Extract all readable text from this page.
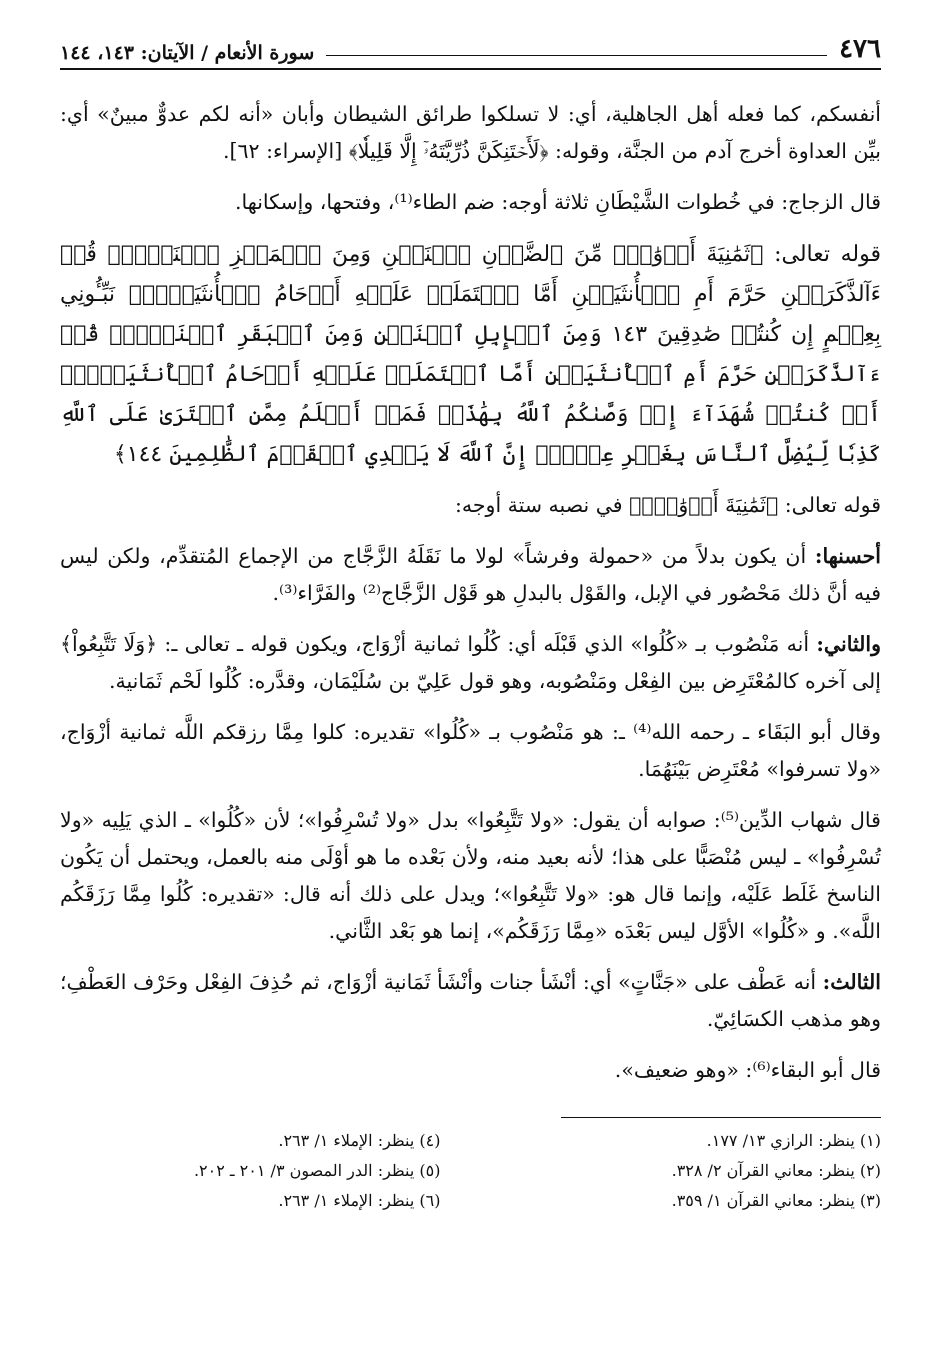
٤٧٦
سورة الأنعام / الآيتان: ١٤٣، ١٤٤

أنفسكم، كما فعله أهل الجاهلية، أي: لا تسلكوا طرائق الشيطان وأبان «أنه لكم عدوٌّ مبينٌ» أي: بيِّن العداوة أخرج آدم من الجنَّة، وقوله: ﴿لَأَحۡتَنِكَنَّ ذُرِّيَّتَهُۥٓ إِلَّا قَلِيلٗا﴾ [الإسراء: ٦٢].

قال الزجاج: في خُطوات الشَّيْطَانِ ثلاثة أوجه: ضم الطاء⁽¹⁾، وفتحها، وإسكانها.

قوله تعالى: ﴿ثَمَٰنِيَةَ أَزۡوَٰجٖۖ مِّنَ ٱلضَّأۡنِ ٱثۡنَيۡنِ وَمِنَ ٱلۡمَعۡزِ ٱثۡنَيۡنِۗ قُلۡ ءَآلذَّكَرَيۡنِ حَرَّمَ أَمِ ٱلۡأُنثَيَيۡنِ أَمَّا ٱشۡتَمَلَتۡ عَلَيۡهِ أَرۡحَامُ ٱلۡأُنثَيَيۡنِۖ نَبِّـُٔونِي بِعِلۡمٍ إِن كُنتُمۡ صَٰدِقِينَ ١٤٣ وَمِنَ ٱلۡإِبِلِ ٱثۡنَيۡنِ وَمِنَ ٱلۡبَقَرِ ٱثۡنَيۡنِۗ قُلۡ ءَآلذَّكَرَيۡنِ حَرَّمَ أَمِ ٱلۡأُنثَيَيۡنِ أَمَّا ٱشۡتَمَلَتۡ عَلَيۡهِ أَرۡحَامُ ٱلۡأُنثَيَيۡنِۖ أَمۡ كُنتُمۡ شُهَدَآءَ إِذۡ وَصَّىٰكُمُ ٱللَّهُ بِهَٰذَاۚ فَمَنۡ أَظۡلَمُ مِمَّنِ ٱفۡتَرَىٰ عَلَى ٱللَّهِ كَذِبٗا لِّيُضِلَّ ٱلنَّاسَ بِغَيۡرِ عِلۡمٍۚ إِنَّ ٱللَّهَ لَا يَهۡدِي ٱلۡقَوۡمَ ٱلظَّٰلِمِينَ ١٤٤﴾

قوله تعالى: ﴿ثَمَٰنِيَةَ أَزۡوَٰجٖۖ﴾ في نصبه ستة أوجه:

أحسنها: أن يكون بدلاً من «حمولة وفرشاً» لولا ما نَقَلَهُ الزَّجَّاج من الإجماع المُتقدِّم، ولكن ليس فيه أنَّ ذلك مَحْصُور في الإبل، والقَوْل بالبدلِ هو قَوْل الزَّجَّاج⁽²⁾ والفَرَّاء⁽³⁾.

والثاني: أنه مَنْصُوب بـ «كُلُوا» الذي قَبْلَه أي: كُلُوا ثمانية أزْوَاج، ويكون قوله ـ تعالى ـ: ﴿وَلَا تَتَّبِعُواْ﴾ إلى آخره كالمُعْتَرِض بين الفِعْل ومَنْصُوبه، وهو قول عَلِيّ بن سُلَيْمَان، وقدَّره: كُلُوا لَحْم ثَمَانية.

وقال أبو البَقَاء ـ رحمه الله⁽⁴⁾ ـ: هو مَنْصُوب بـ «كُلُوا» تقديره: كلوا مِمَّا رزقكم اللَّه ثمانية أزْوَاج، «ولا تسرفوا» مُعْتَرِض بَيْنَهُمَا.

قال شهاب الدِّين⁽⁵⁾: صوابه أن يقول: «ولا تَتَّبِعُوا» بدل «ولا تُسْرِفُوا»؛ لأن «كُلُوا» ـ الذي يَلِيه «ولا تُسْرِفُوا» ـ ليس مُنْصَبًّا على هذا؛ لأنه بعيد منه، ولأن بَعْده ما هو أوْلَى منه بالعمل، ويحتمل أن يَكُون الناسخ غَلَط عَلَيْه، وإنما قال هو: «ولا تَتَّبِعُوا»؛ ويدل على ذلك أنه قال: «تقديره: كُلُوا مِمَّا رَزَقَكُم اللَّه». و «كُلُوا» الأوَّل ليس بَعْدَه «مِمَّا رَزَقَكُم»، إنما هو بَعْد الثَّاني.

الثالث: أنه عَطْف على «جَنَّاتٍ» أي: أنْشَأ جنات وأنْشَأ ثَمَانية أزْوَاج، ثم حُذِفَ الفِعْل وحَرْف العَطْفِ؛ وهو مذهب الكسَائِيّ.

قال أبو البقاء⁽⁶⁾: «وهو ضعيف».

(١) ينظر: الرازي ١٣/ ١٧٧.
(٤) ينظر: الإملاء ١/ ٢٦٣.
(٢) ينظر: معاني القرآن ٢/ ٣٢٨.
(٥) ينظر: الدر المصون ٣/ ٢٠١ ـ ٢٠٢.
(٣) ينظر: معاني القرآن ١/ ٣٥٩.
(٦) ينظر: الإملاء ١/ ٢٦٣.
